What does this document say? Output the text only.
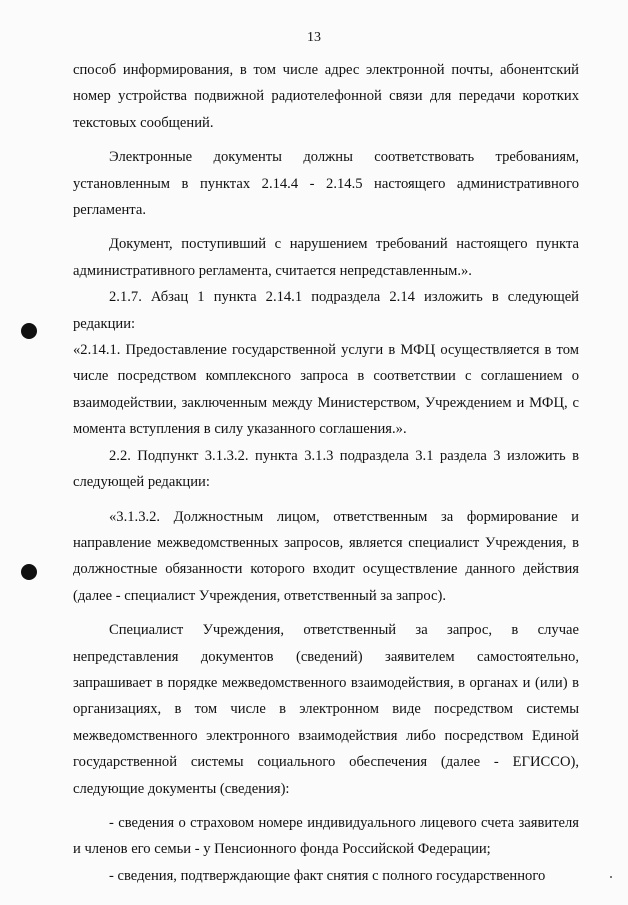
13

способ информирования, в том числе адрес электронной почты, абонентский номер устройства подвижной радиотелефонной связи для передачи коротких текстовых сообщений.

Электронные документы должны соответствовать требованиям, установленным в пунктах 2.14.4 - 2.14.5 настоящего административного регламента.

Документ, поступивший с нарушением требований настоящего пункта административного регламента, считается непредставленным.».

2.1.7. Абзац 1 пункта 2.14.1 подраздела 2.14 изложить в следующей редакции:

«2.14.1. Предоставление государственной услуги в МФЦ осуществляется в том числе посредством комплексного запроса в соответствии с соглашением о взаимодействии, заключенным между Министерством, Учреждением и МФЦ, с момента вступления в силу указанного соглашения.».

2.2. Подпункт 3.1.3.2. пункта 3.1.3 подраздела 3.1 раздела 3 изложить в следующей редакции:

«3.1.3.2. Должностным лицом, ответственным за формирование и направление межведомственных запросов, является специалист Учреждения, в должностные обязанности которого входит осуществление данного действия (далее - специалист Учреждения, ответственный за запрос).

Специалист Учреждения, ответственный за запрос, в случае непредставления документов (сведений) заявителем самостоятельно, запрашивает в порядке межведомственного взаимодействия, в органах и (или) в организациях, в том числе в электронном виде посредством системы межведомственного электронного взаимодействия либо посредством Единой государственной системы социального обеспечения (далее - ЕГИССО), следующие документы (сведения):

- сведения о страховом номере индивидуального лицевого счета заявителя и членов его семьи - у Пенсионного фонда Российской Федерации;

- сведения, подтверждающие факт снятия с полного государственного
